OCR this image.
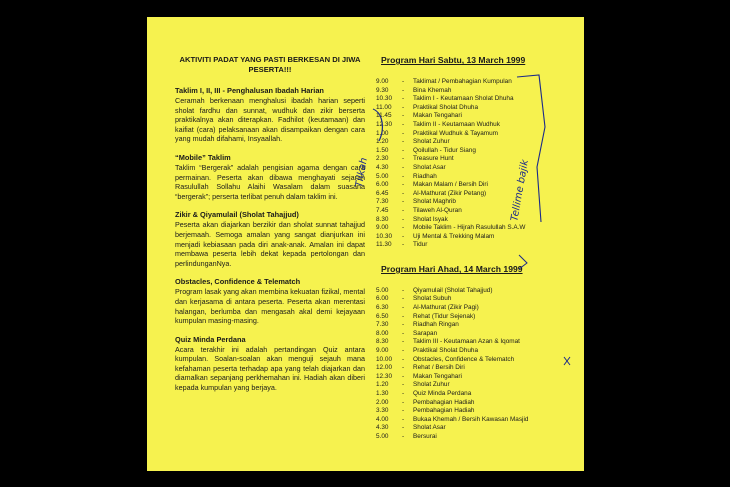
AKTIVITI PADAT YANG PASTI BERKESAN DI JIWA PESERTA!!!
Taklim I, II, III - Penghalusan Ibadah Harian

Ceramah berkenaan menghalusi ibadah harian seperti sholat fardhu dan sunnat, wudhuk dan zikir berserta praktikalnya akan diterapkan. Fadhilot (keutamaan) dan kaifiat (cara) pelaksanaan akan disampaikan dengan cara yang mudah difahami, Insyaallah.

“Mobile” Taklim

Taklim “Bergerak” adalah pengisian agama dengan cara permainan. Peserta akan dibawa menghayati sejarah Rasulullah Sollahu Alaihi Wasalam dalam suasana “bergerak”; perserta terlibat penuh dalam taklim ini.

Zikir & Qiyamulail (Sholat Tahajjud)

Peserta akan diajarkan berzikir dan sholat sunnat tahajjud berjemaah. Semoga amalan yang sangat dianjurkan ini menjadi kebiasaan pada diri anak-anak. Amalan ini dapat membawa peserta lebih dekat kepada pertolongan dan perlindunganNya.

Obstacles, Confidence & Telematch

Program lasak yang akan membina kekuatan fizikal, mental dan kerjasama di antara peserta. Peserta akan merentasi halangan, berlumba dan mengasah akal demi kejayaan kumpulan masing-masing.

Quiz Minda Perdana

Acara terakhir ini adalah pertandingan Quiz antara kumpulan. Soalan-soalan akan menguji sejauh mana kefahaman peserta terhadap apa yang telah diajarkan dan diamalkan sepanjang perkhemahan ini. Hadiah akan diberi kepada kumpulan yang berjaya.

Program Hari Sabtu, 13 March 1999
9.00	-	Taklimat / Pembahagian Kumpulan
9.30	-	Bina Khemah
10.30	-	Taklim I - Keutamaan Sholat Dhuha
11.00	-	Praktikal Sholat Dhuha
11.45	-	Makan Tengahari
12.30	-	Taklim II - Keutamaan Wudhuk
1.00	-	Praktikal Wudhuk & Tayamum
1.20	-	Sholat Zuhur
1.50	-	Qoilullah - Tidur Siang
2.30	-	Treasure Hunt
4.30	-	Sholat Asar
5.00	-	Riadhah
6.00	-	Makan Malam / Bersih Diri
6.45	-	Al-Mathurat (Zikir Petang)
7.30	-	Sholat Maghrib
7.45	-	Tilaweh Al-Quran
8.30	-	Sholat Isyak
9.00	-	Mobile Taklim - Hijrah Rasulullah S.A.W
10.30	-	Uji Mental & Trekking Malam
11.30	-	Tidur
Program Hari Ahad, 14 March 1999
5.00	-	Qiyamulail (Sholat Tahajjud)
6.00	-	Sholat Subuh
6.30	-	Al-Mathurat (Zikir Pagi)
6.50	-	Rehat (Tidur Sejenak)
7.30	-	Riadhah Ringan
8.00	-	Sarapan
8.30	-	Taklim III - Keutamaan Azan & Iqomat
9.00	-	Praktikal Sholat Dhuha
10.00	-	Obstacles, Confidence & Telematch
12.00	-	Rehat / Bersih Diri
12.30	-	Makan Tengahari
1.20	-	Sholat Zuhur
1.30	-	Quiz Minda Perdana
2.00	-	Pembahagian Hadiah
3.30	-	Pembahagian Hadiah
4.00	-	Bukaa Khemah / Bersih Kawasan Masjid
4.30	-	Sholat Asar
5.00	-	Bersurai
Tilkah	Tellime bajik
